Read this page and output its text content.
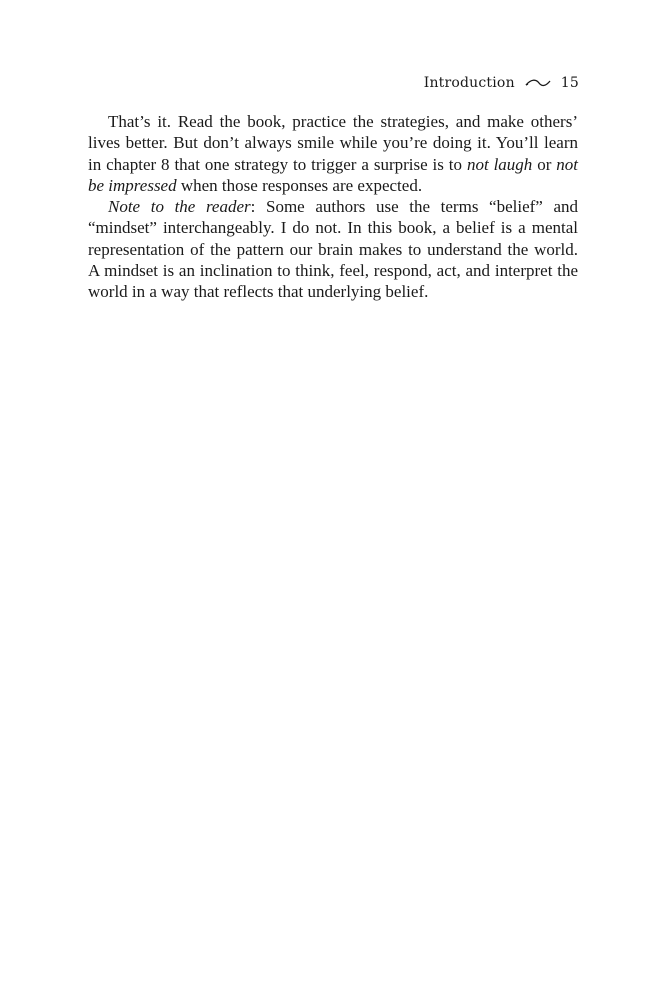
Introduction	15

That’s it. Read the book, practice the strategies, and make others’ lives better. But don’t always smile while you’re doing it. You’ll learn in chapter 8 that one strategy to trigger a surprise is to not laugh or not be impressed when those responses are expected.

Note to the reader: Some authors use the terms “belief” and “mindset” interchangeably. I do not. In this book, a belief is a mental representation of the pattern our brain makes to understand the world. A mindset is an inclination to think, feel, respond, act, and interpret the world in a way that reflects that underlying belief.
